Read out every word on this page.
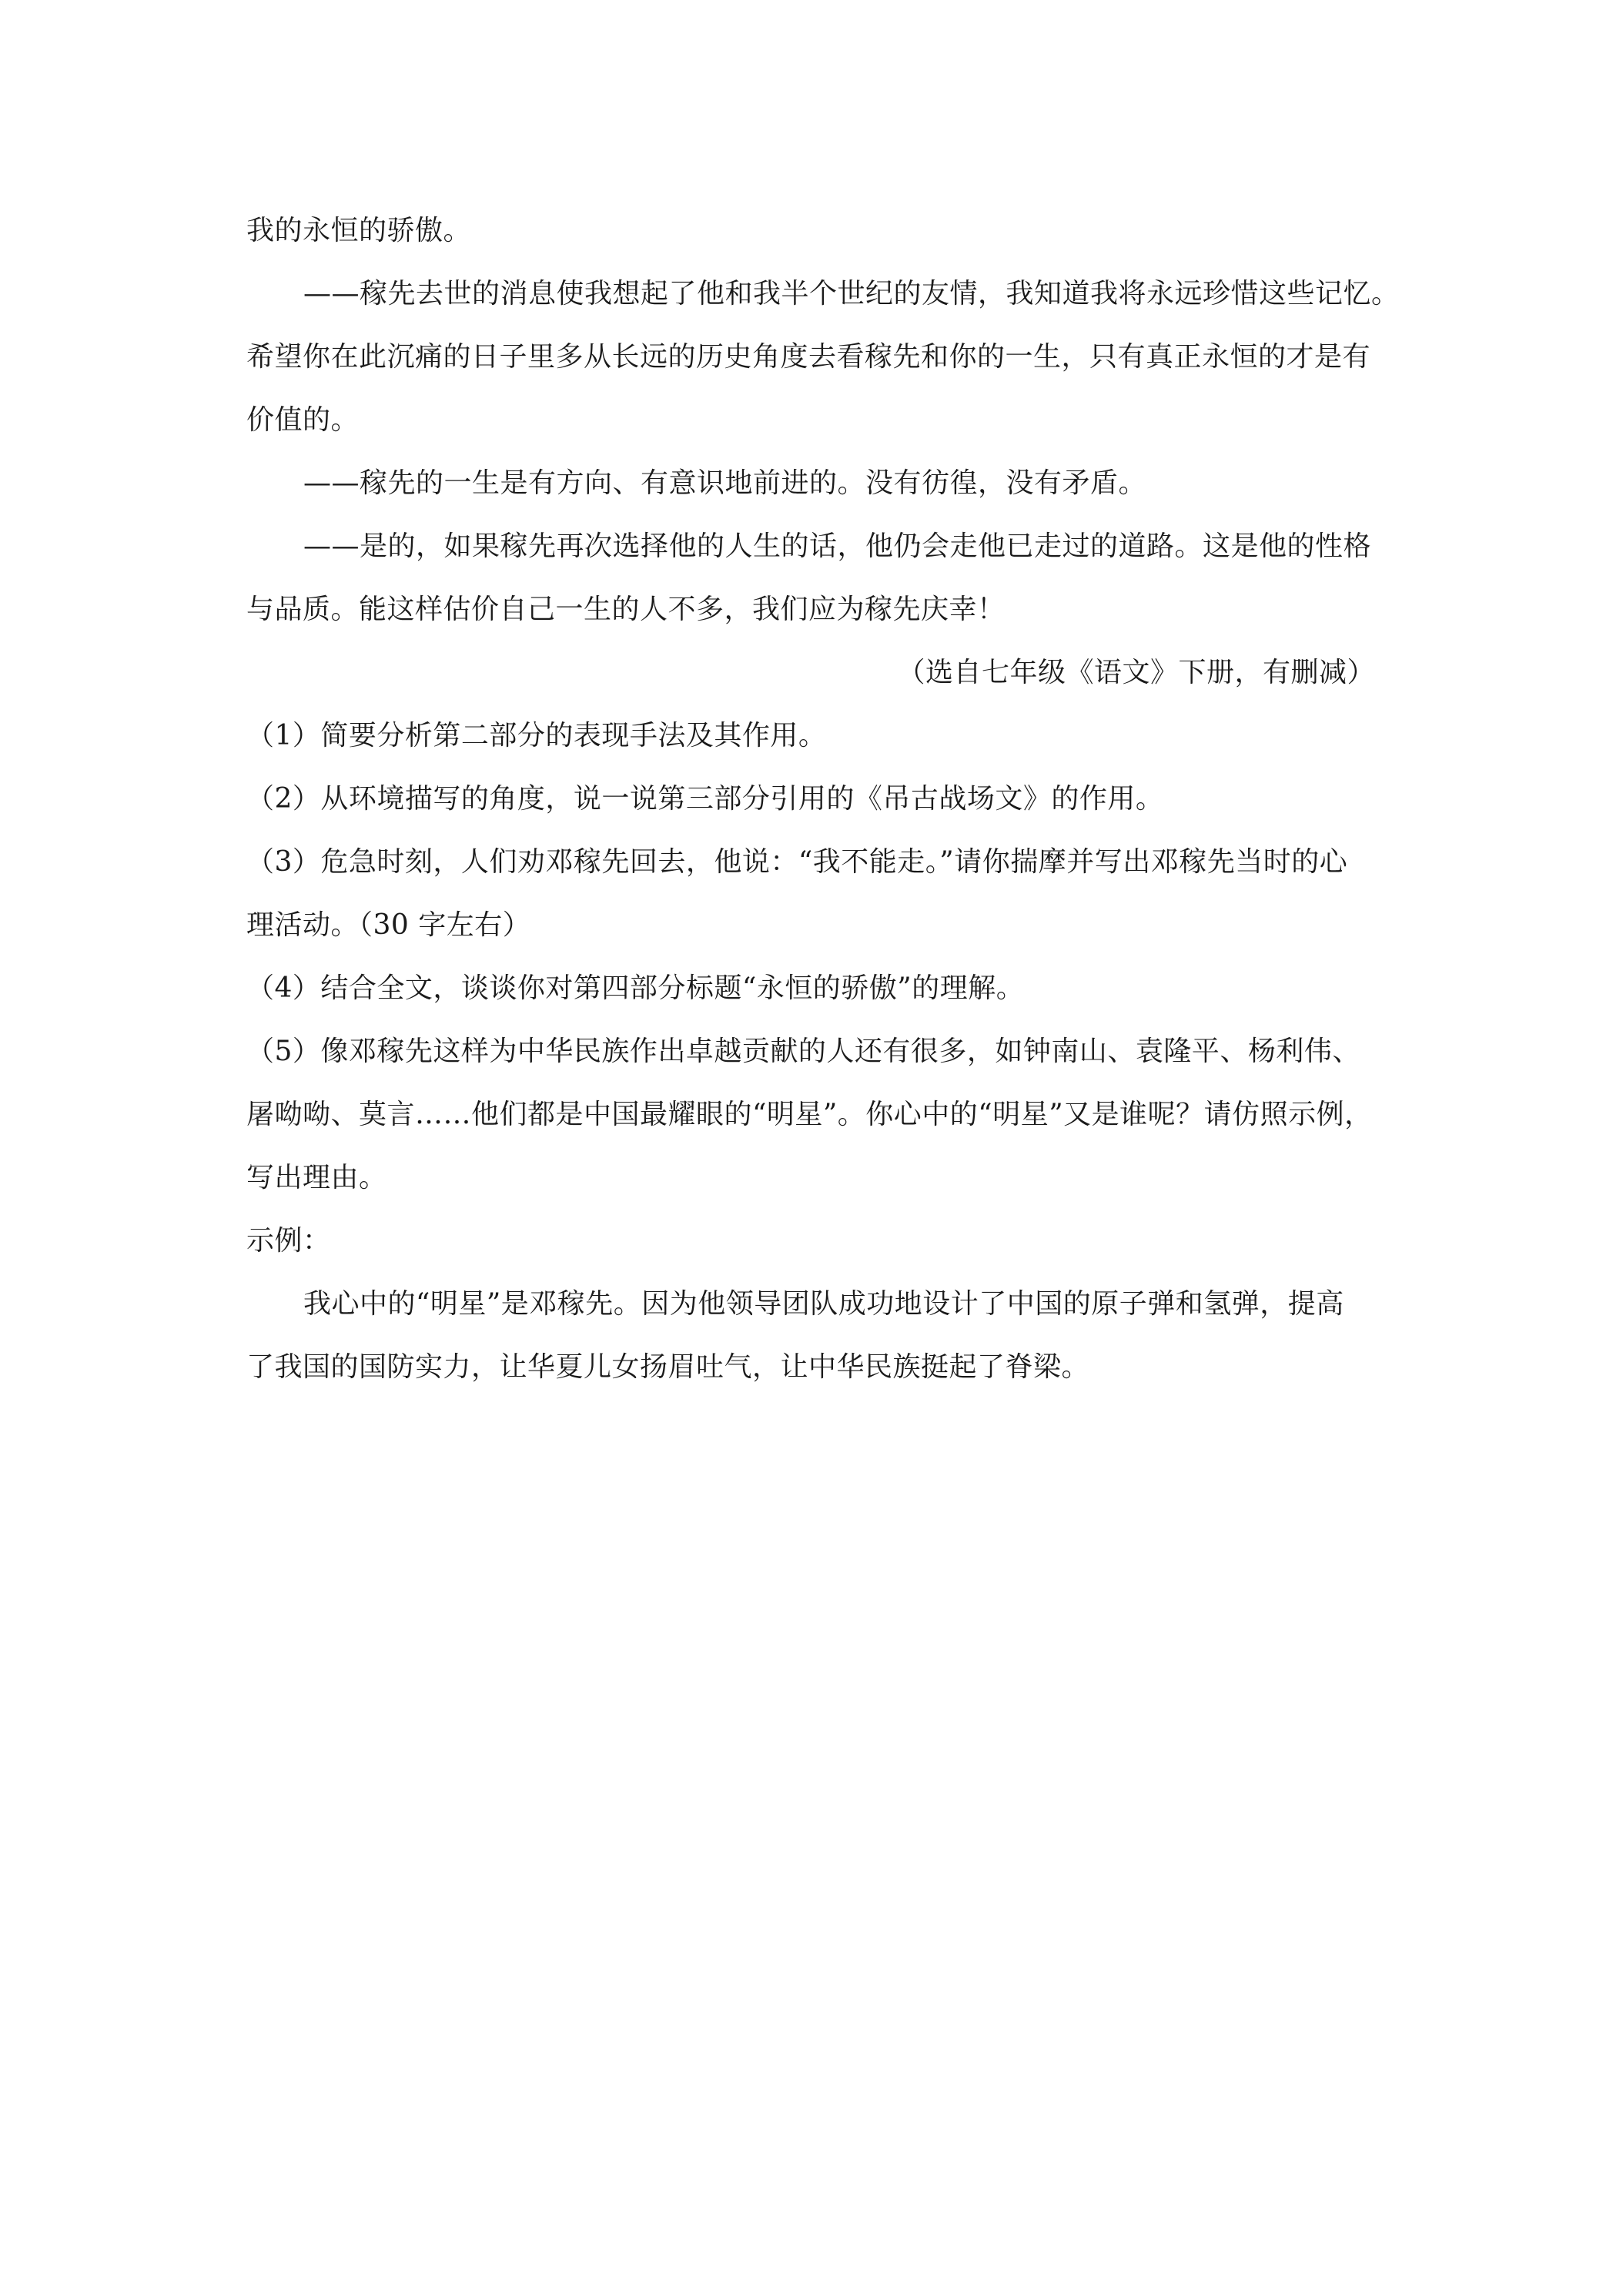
我的永恒的骄傲。
——稼先去世的消息使我想起了他和我半个世纪的友情，我知道我将永远珍惜这些记忆。
希望你在此沉痛的日子里多从长远的历史角度去看稼先和你的一生，只有真正永恒的才是有
价值的。
——稼先的一生是有方向、有意识地前进的。没有彷徨，没有矛盾。
——是的，如果稼先再次选择他的人生的话，他仍会走他已走过的道路。这是他的性格
与品质。能这样估价自己一生的人不多，我们应为稼先庆幸！
（选自七年级《语文》下册，有删减）
（1）简要分析第二部分的表现手法及其作用。
（2）从环境描写的角度，说一说第三部分引用的《吊古战场文》的作用。
（3）危急时刻，人们劝邓稼先回去，他说：“我不能走。”请你揣摩并写出邓稼先当时的心
理活动。（30 字左右）
（4）结合全文，谈谈你对第四部分标题“永恒的骄傲”的理解。
（5）像邓稼先这样为中华民族作出卓越贡献的人还有很多，如钟南山、袁隆平、杨利伟、
屠呦呦、莫言……他们都是中国最耀眼的“明星”。你心中的“明星”又是谁呢？请仿照示例，
写出理由。
示例：
我心中的“明星”是邓稼先。因为他领导团队成功地设计了中国的原子弹和氢弹，提高
了我国的国防实力，让华夏儿女扬眉吐气，让中华民族挺起了脊梁。
